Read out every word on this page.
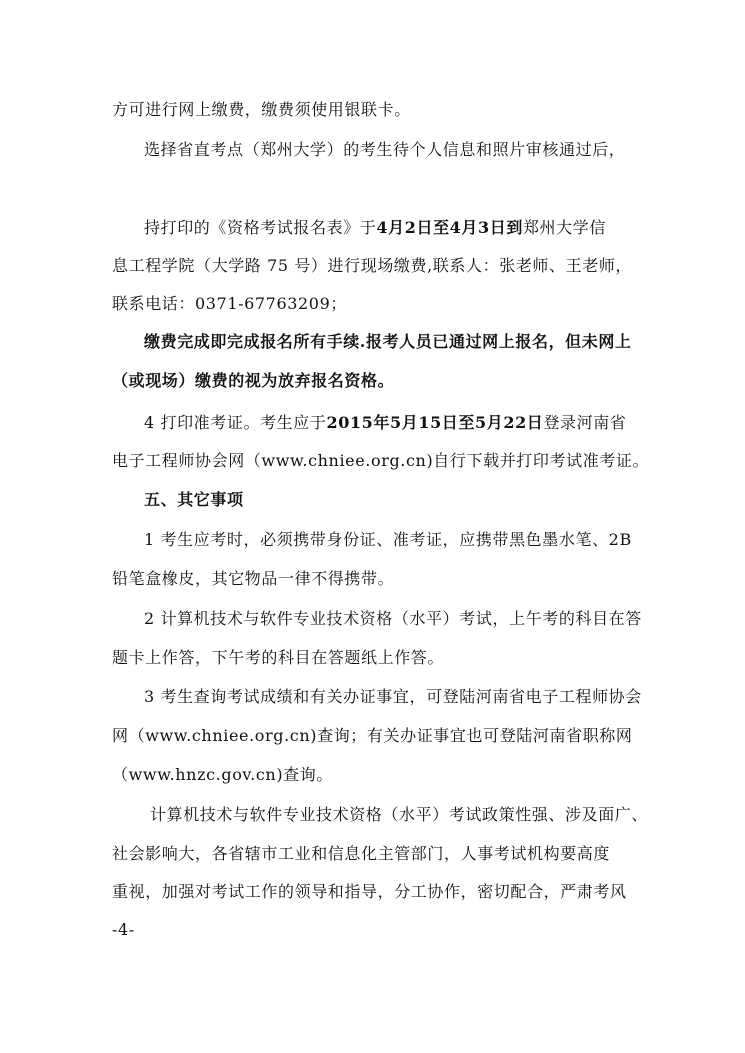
方可进行网上缴费，缴费须使用银联卡。
选择省直考点（郑州大学）的考生待个人信息和照片审核通过后，
持打印的《资格考试报名表》于4月2日至4月3日到郑州大学信
息工程学院（大学路 75 号）进行现场缴费,联系人：张老师、王老师，
联系电话：0371-67763209；
缴费完成即完成报名所有手续.报考人员已通过网上报名，但未网上
（或现场）缴费的视为放弃报名资格。
4 打印准考证。考生应于2015年5月15日至5月22日登录河南省
电子工程师协会网（www.chniee.org.cn)自行下载并打印考试准考证。
五、其它事项
1 考生应考时，必须携带身份证、准考证，应携带黑色墨水笔、2B
铅笔盒橡皮，其它物品一律不得携带。
2 计算机技术与软件专业技术资格（水平）考试，上午考的科目在答
题卡上作答，下午考的科目在答题纸上作答。
3 考生查询考试成绩和有关办证事宜，可登陆河南省电子工程师协会
网（www.chniee.org.cn)查询；有关办证事宜也可登陆河南省职称网
（www.hnzc.gov.cn)查询。
计算机技术与软件专业技术资格（水平）考试政策性强、涉及面广、
社会影响大，各省辖市工业和信息化主管部门，人事考试机构要高度
重视，加强对考试工作的领导和指导，分工协作，密切配合，严肃考风
-4-
